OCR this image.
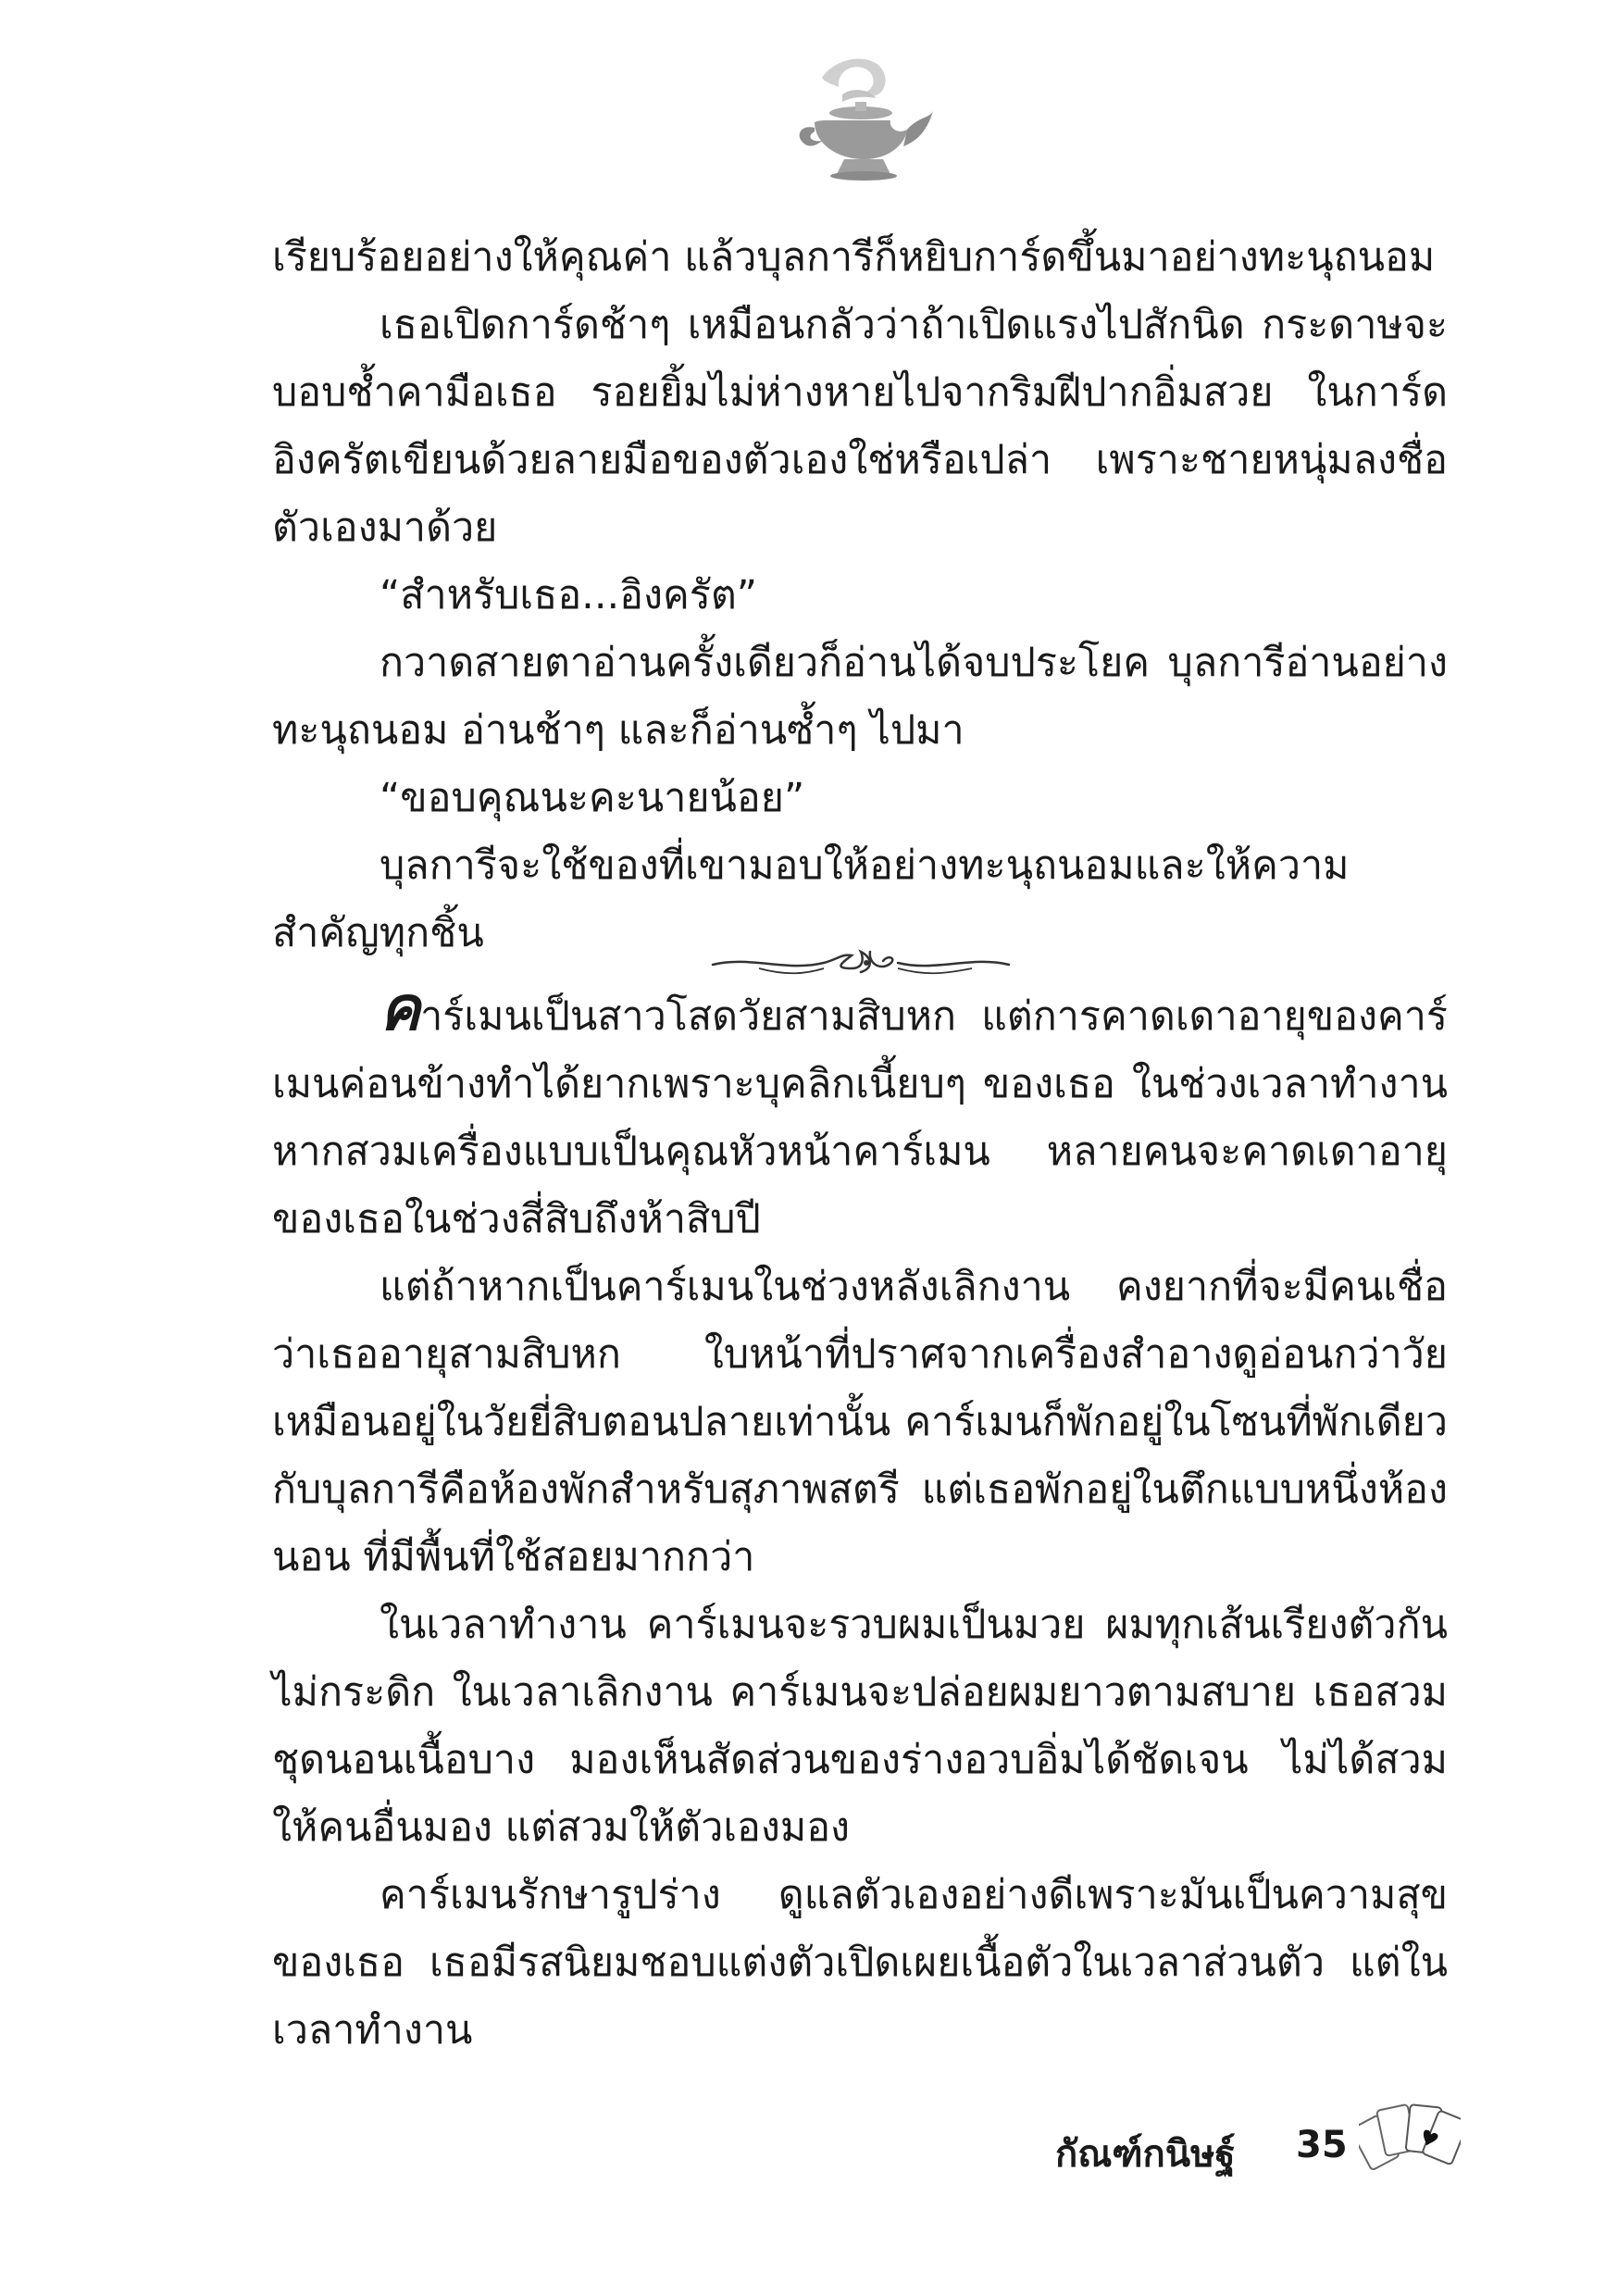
เรียบร้อยอย่างให้คุณค่า แล้วบุลการีก็หยิบการ์ดขึ้นมาอย่างทะนุถนอม

เธอเปิดการ์ดช้าๆ เหมือนกลัวว่าถ้าเปิดแรงไปสักนิด กระดาษจะบอบช้ำคามือเธอ รอยยิ้มไม่ห่างหายไปจากริมฝีปากอิ่มสวย ในการ์ดอิงครัตเขียนด้วยลายมือของตัวเองใช่หรือเปล่า เพราะชายหนุ่มลงชื่อตัวเองมาด้วย

“สำหรับเธอ...อิงครัต”

กวาดสายตาอ่านครั้งเดียวก็อ่านได้จบประโยค บุลการีอ่านอย่างทะนุถนอม อ่านช้าๆ และก็อ่านซ้ำๆ ไปมา

“ขอบคุณนะคะนายน้อย”

บุลการีจะใช้ของที่เขามอบให้อย่างทะนุถนอมและให้ความสำคัญทุกชิ้น

คาร์เมนเป็นสาวโสดวัยสามสิบหก แต่การคาดเดาอายุของคาร์เมนค่อนข้างทำได้ยากเพราะบุคลิกเนี้ยบๆ ของเธอ ในช่วงเวลาทำงาน หากสวมเครื่องแบบเป็นคุณหัวหน้าคาร์เมน หลายคนจะคาดเดาอายุของเธอในช่วงสี่สิบถึงห้าสิบปี

แต่ถ้าหากเป็นคาร์เมนในช่วงหลังเลิกงาน คงยากที่จะมีคนเชื่อว่าเธออายุสามสิบหก ใบหน้าที่ปราศจากเครื่องสำอางดูอ่อนกว่าวัย เหมือนอยู่ในวัยยี่สิบตอนปลายเท่านั้น คาร์เมนก็พักอยู่ในโซนที่พักเดียวกับบุลการีคือห้องพักสำหรับสุภาพสตรี แต่เธอพักอยู่ในตึกแบบหนึ่งห้องนอน ที่มีพื้นที่ใช้สอยมากกว่า

ในเวลาทำงาน คาร์เมนจะรวบผมเป็นมวย ผมทุกเส้นเรียงตัวกันไม่กระดิก ในเวลาเลิกงาน คาร์เมนจะปล่อยผมยาวตามสบาย เธอสวมชุดนอนเนื้อบาง มองเห็นสัดส่วนของร่างอวบอิ่มได้ชัดเจน ไม่ได้สวมให้คนอื่นมอง แต่สวมให้ตัวเองมอง

คาร์เมนรักษารูปร่าง ดูแลตัวเองอย่างดีเพราะมันเป็นความสุขของเธอ เธอมีรสนิยมชอบแต่งตัวเปิดเผยเนื้อตัวในเวลาส่วนตัว แต่ในเวลาทำงาน

กัณฑ์กนิษฐ์ 35
